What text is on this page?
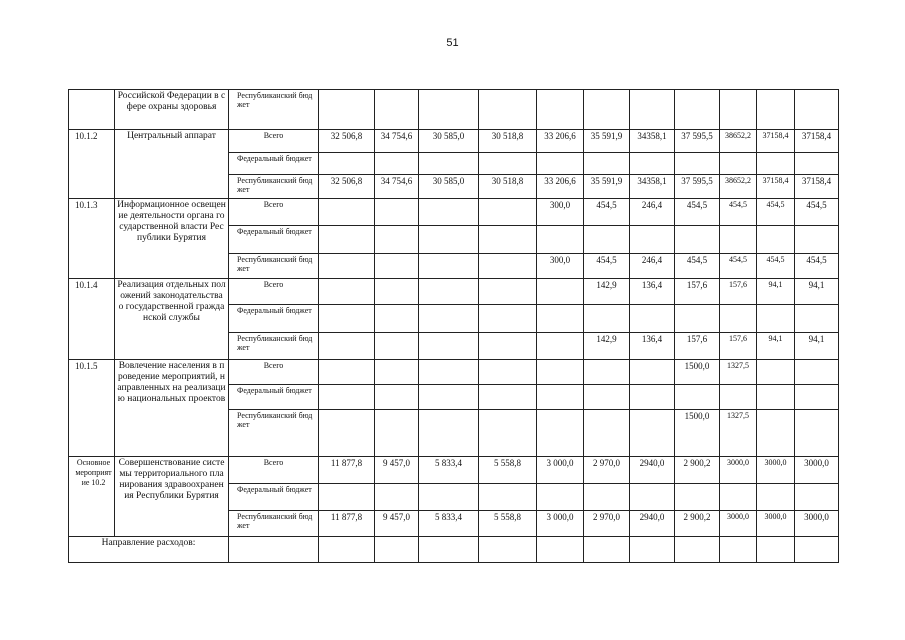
51
	Российской Федерации в сфере охраны здоровья	Республиканский бюджет											
10.1.2	Центральный аппарат	Всего	32 506,8	34 754,6	30 585,0	30 518,8	33 206,6	35 591,9	34358,1	37 595,5	38652,2	37158,4	37158,4
		Федеральный бюджет											
		Республиканский бюджет	32 506,8	34 754,6	30 585,0	30 518,8	33 206,6	35 591,9	34358,1	37 595,5	38652,2	37158,4	37158,4
10.1.3	Информационное освещение деятельности органа государственной власти Республики Бурятия	Всего					300,0	454,5	246,4	454,5	454,5	454,5	454,5
		Федеральный бюджет											
		Республиканский бюджет					300,0	454,5	246,4	454,5	454,5	454,5	454,5
10.1.4	Реализация отдельных положений законодательства о государственной гражданской службы	Всего						142,9	136,4	157,6	157,6	94,1	94,1
		Федеральный бюджет											
		Республиканский бюджет						142,9	136,4	157,6	157,6	94,1	94,1
10.1.5	Вовлечение населения в проведение мероприятий, направленных на реализацию национальных проектов	Всего								1500,0	1327,5		
		Федеральный бюджет											
		Республиканский бюджет								1500,0	1327,5		
Основное мероприятие 10.2	Совершенствование системы территориального планирования здравоохранения Республики Бурятия	Всего	11 877,8	9 457,0	5 833,4	5 558,8	3 000,0	2 970,0	2940,0	2 900,2	3000,0	3000,0	3000,0
		Федеральный бюджет											
		Республиканский бюджет	11 877,8	9 457,0	5 833,4	5 558,8	3 000,0	2 970,0	2940,0	2 900,2	3000,0	3000,0	3000,0
Направление расходов:													
